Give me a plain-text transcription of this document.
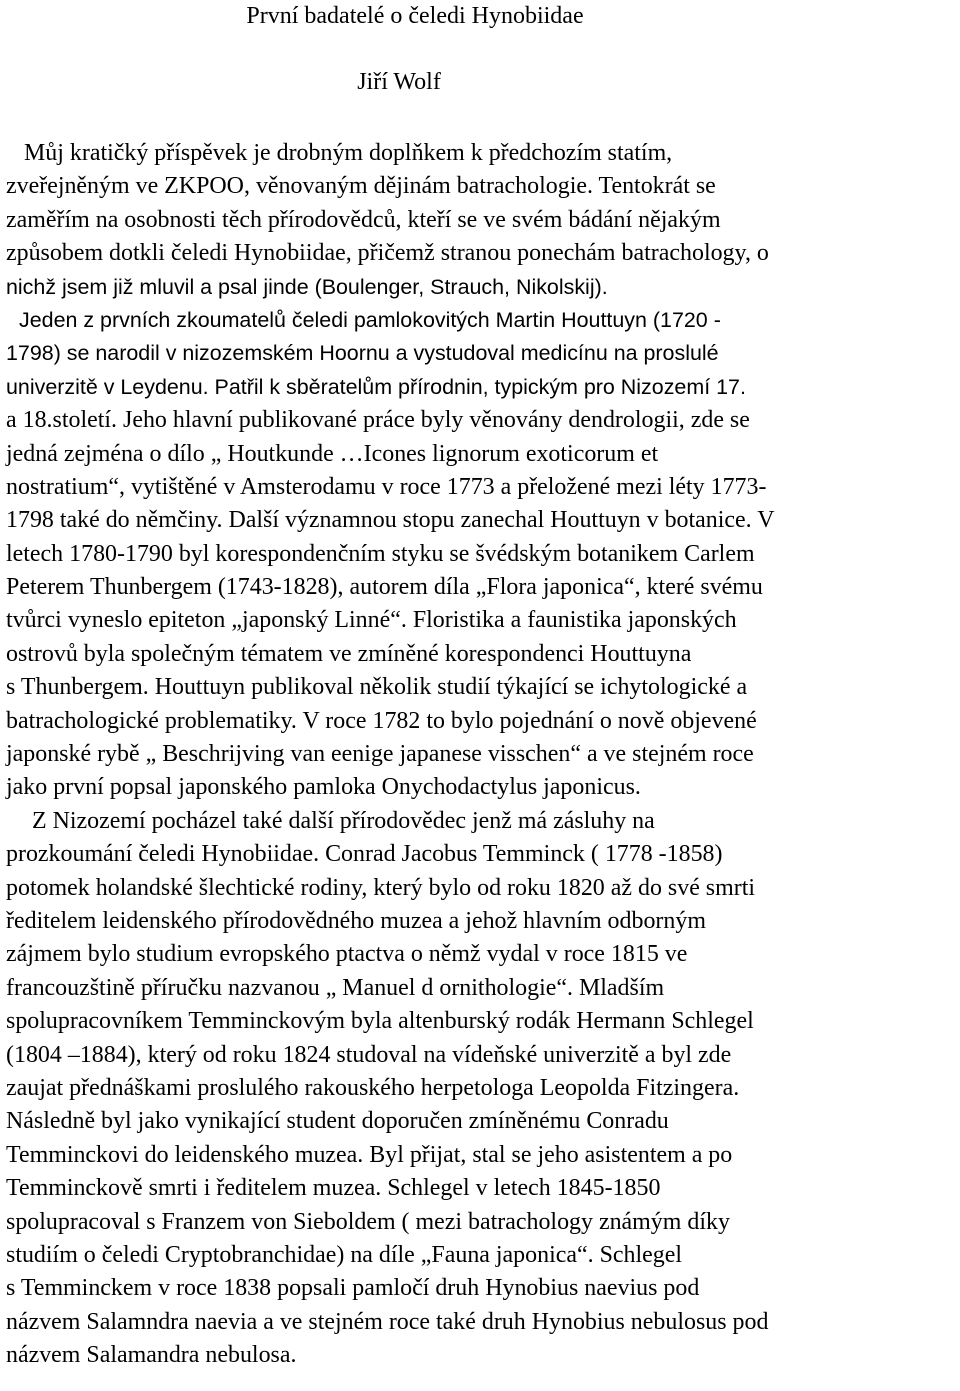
První badatelé o čeledi Hynobiidae
Jiří Wolf
Můj kratičký příspěvek je drobným doplňkem k předchozím statím,
zveřejněným ve ZKPOO, věnovaným dějinám batrachologie. Tentokrát se
zaměřím na osobnosti těch přírodovědců, kteří se ve svém bádání nějakým
způsobem dotkli čeledi Hynobiidae, přičemž stranou ponechám batrachology, o
nichž jsem již mluvil a psal jinde (Boulenger, Strauch, Nikolskij).
Jeden z prvních zkoumatelů čeledi pamlokovitých Martin Houttuyn (1720 -
1798) se narodil v nizozemském Hoornu a vystudoval medicínu na proslulé
univerzitě v Leydenu. Patřil k sběratelům přírodnin, typickým pro Nizozemí 17.
a 18.století. Jeho hlavní publikované práce byly věnovány dendrologii, zde se
jedná zejména o dílo „ Houtkunde …Icones lignorum exoticorum et
nostratium“, vytištěné v Amsterodamu v roce 1773 a přeložené mezi léty 1773-
1798 také do němčiny. Další významnou stopu zanechal Houttuyn v botanice. V
letech 1780-1790 byl korespondenčním styku se švédským botanikem Carlem
Peterem Thunbergem (1743-1828), autorem díla „Flora japonica“, které svému
tvůrci vyneslo epiteton „japonský Linné“. Floristika a faunistika japonských
ostrovů byla společným tématem ve zmíněné korespondenci Houttuyna
s Thunbergem. Houttuyn publikoval několik studií týkající se ichytologické a
batrachologické problematiky. V roce 1782 to bylo pojednání o nově objevené
japonské rybě „ Beschrijving van eenige japanese visschen“ a ve stejném roce
jako první popsal japonského pamloka Onychodactylus japonicus.
Z Nizozemí pocházel také další přírodovědec jenž má zásluhy na
prozkoumání čeledi Hynobiidae. Conrad Jacobus Temminck ( 1778 -1858)
potomek holandské šlechtické rodiny, který bylo od roku 1820 až do své smrti
ředitelem leidenského přírodovědného muzea a jehož hlavním odborným
zájmem bylo studium evropského ptactva o němž vydal v roce 1815 ve
francouzštině příručku nazvanou „ Manuel d ornithologie“. Mladším
spolupracovníkem Temminckovým byla altenburský rodák Hermann Schlegel
(1804 –1884), který od roku 1824 studoval na vídeňské univerzitě a byl zde
zaujat přednáškami proslulého rakouského herpetologa Leopolda Fitzingera.
Následně byl jako vynikající student doporučen zmíněnému Conradu
Temminckovi do leidenského muzea. Byl přijat, stal se jeho asistentem a po
Temminckově smrti i ředitelem muzea. Schlegel v letech 1845-1850
spolupracoval s Franzem von Sieboldem ( mezi batrachology známým díky
studiím o čeledi Cryptobranchidae) na díle „Fauna japonica“. Schlegel
s Temminckem v roce 1838 popsali pamločí druh Hynobius naevius pod
názvem Salamndra naevia a ve stejném roce také druh Hynobius nebulosus pod
názvem Salamandra nebulosa.
